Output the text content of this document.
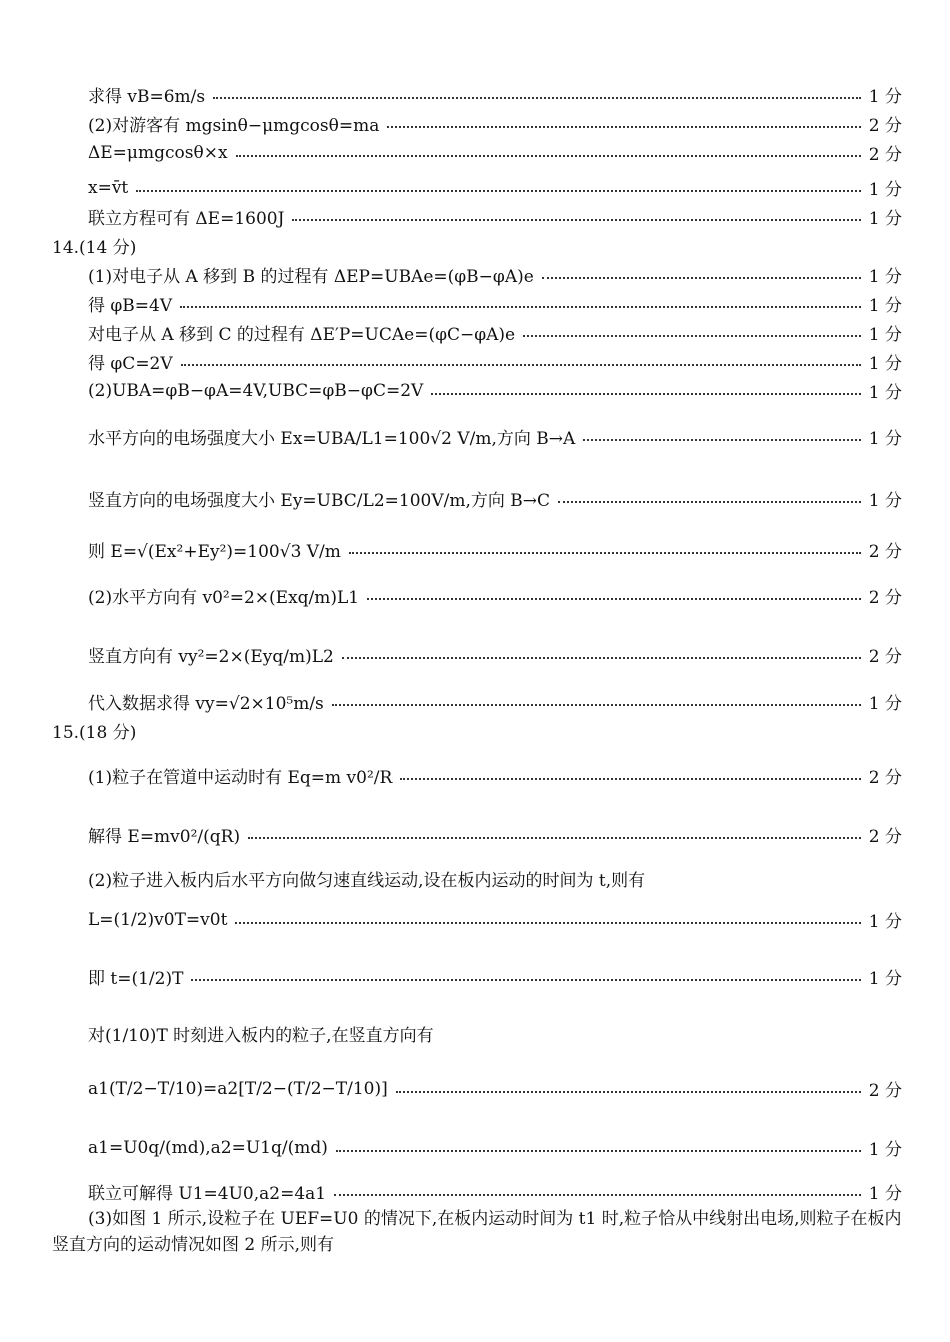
求得 vB=6m/s	1 分
(2)对游客有 mgsinθ−μmgcosθ=ma	2 分
ΔE=μmgcosθ×x	2 分
x=v̄t	1 分
联立方程可有 ΔE=1600J	1 分
14.(14 分)
(1)对电子从 A 移到 B 的过程有 ΔEP=UBAe=(φB−φA)e	1 分
得 φB=4V	1 分
对电子从 A 移到 C 的过程有 ΔE′P=UCAe=(φC−φA)e	1 分
得 φC=2V	1 分
(2)UBA=φB−φA=4V,UBC=φB−φC=2V	1 分
水平方向的电场强度大小 Ex=UBA/L1=100√2 V/m,方向 B→A	1 分
竖直方向的电场强度大小 Ey=UBC/L2=100V/m,方向 B→C	1 分
则 E=√(Ex²+Ey²)=100√3 V/m	2 分
(2)水平方向有 v0²=2×(Exq/m)L1	2 分
竖直方向有 vy²=2×(Eyq/m)L2	2 分
代入数据求得 vy=√2×10⁵m/s	1 分
15.(18 分)
(1)粒子在管道中运动时有 Eq=m v0²/R	2 分
解得 E=mv0²/(qR)	2 分
(2)粒子进入板内后水平方向做匀速直线运动,设在板内运动的时间为 t,则有
L=(1/2)v0T=v0t	1 分
即 t=(1/2)T	1 分
对(1/10)T 时刻进入板内的粒子,在竖直方向有
a1(T/2−T/10)=a2[T/2−(T/2−T/10)]	2 分
a1=U0q/(md),a2=U1q/(md)	1 分
联立可解得 U1=4U0,a2=4a1	1 分
(3)如图 1 所示,设粒子在 UEF=U0 的情况下,在板内运动时间为 t1 时,粒子恰从中线射出电场,则粒子在板内竖直方向的运动情况如图 2 所示,则有
